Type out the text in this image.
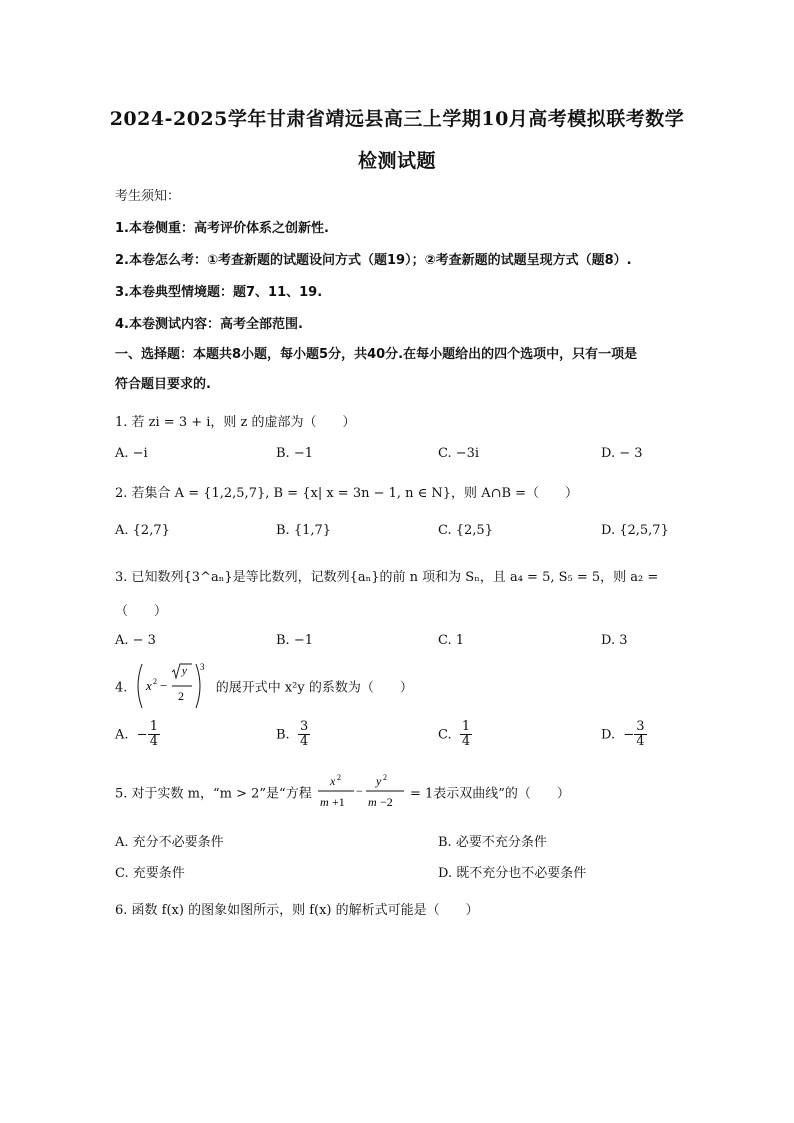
2024-2025学年甘肃省靖远县高三上学期10月高考模拟联考数学
检测试题
考生须知：
1.本卷侧重：高考评价体系之创新性.
2.本卷怎么考：①考查新题的试题设问方式（题19）；②考查新题的试题呈现方式（题8）.
3.本卷典型情境题：题7、11、19.
4.本卷测试内容：高考全部范围.
一、选择题：本题共8小题，每小题5分，共40分.在每小题给出的四个选项中，只有一项是
符合题目要求的.
1. 若 zi = 3 + i，则 z 的虚部为（　　）
A. −i	B. −1	C. −3i	D. − 3
2. 若集合 A = {1,2,5,7}, B = {x| x = 3n − 1, n ∈ N}，则 A∩B =（　　）
A. {2,7}	B. {1,7}	C. {2,5}	D. {2,5,7}
3. 已知数列{3^aₙ}是等比数列，记数列{aₙ}的前 n 项和为 Sₙ，且 a₄ = 5, S₅ = 5，则 a₂ =
（　　）
A. − 3	B. −1	C. 1	D. 3
4. x 2 −
y
2
3
的展开式中 x²y 的系数为（　　）
A. − $\frac{1}{4}$	B. $\frac{3}{4}$	C. $\frac{1}{4}$	D. − $\frac{3}{4}$
5. 对于实数 m，“m > 2”是“方程
x 2
m +1
−
y 2
m −2
= 1表示双曲线”的（　　）
A. 充分不必要条件	B. 必要不充分条件
C. 充要条件	D. 既不充分也不必要条件
6. 函数 f(x) 的图象如图所示，则 f(x) 的解析式可能是（　　）
